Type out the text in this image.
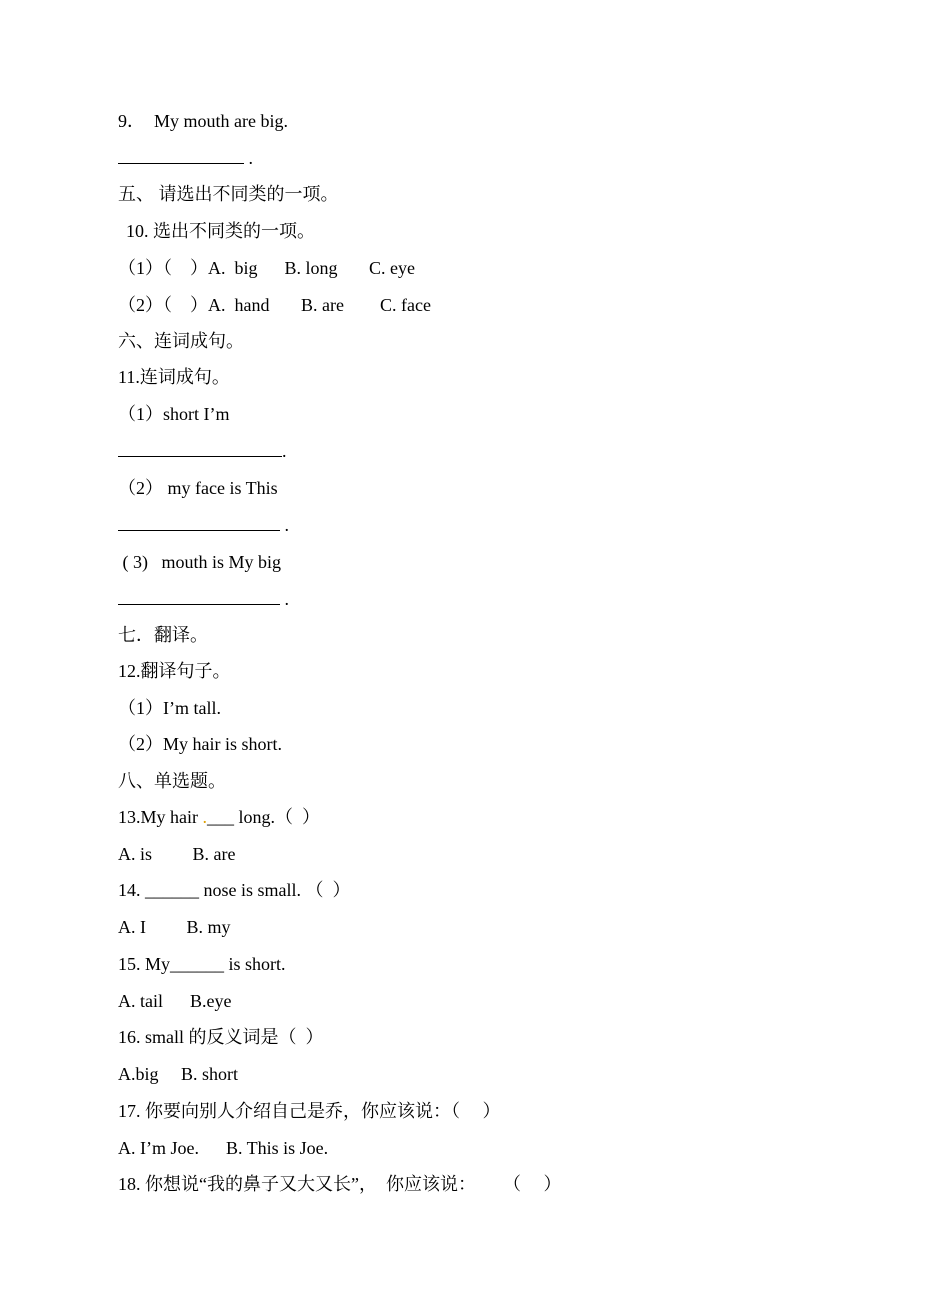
9．  My mouth are big.
.
五、 请选出不同类的一项。
10. 选出不同类的一项。
（1）（    ）A.  big      B. long       C. eye
（2）（    ）A.  hand       B. are        C. face
六、连词成句。
11.连词成句。
（1）short I’m
.
（2） my face is This
.
( 3)   mouth is My big
.
七．翻译。
12.翻译句子。
（1）I’m tall.
（2）My hair is short.
八、单选题。
13.My hair .___ long.（  ）
A. is         B. are
14. ______ nose is small. （  ）
A. I         B. my
15. My______ is short.
A. tail      B.eye
16. small 的反义词是（  ）
A.big     B. short
17. 你要向别人介绍自己是乔，你应该说：（     ）
A. I’m Joe.      B. This is Joe.
18. 你想说“我的鼻子又大又长”，  你应该说：      （     ）
